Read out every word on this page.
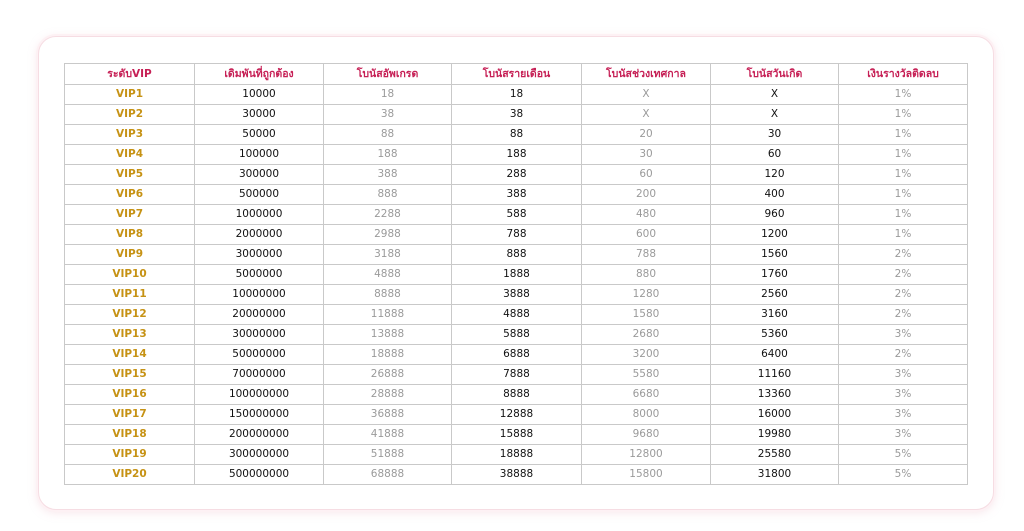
ระดับVIP	เดิมพันที่ถูกต้อง	โบนัสอัพเกรด	โบนัสรายเดือน	โบนัสช่วงเทศกาล	โบนัสวันเกิด	เงินรางวัลติดลบ
VIP1	10000	18	18	X	X	1%
VIP2	30000	38	38	X	X	1%
VIP3	50000	88	88	20	30	1%
VIP4	100000	188	188	30	60	1%
VIP5	300000	388	288	60	120	1%
VIP6	500000	888	388	200	400	1%
VIP7	1000000	2288	588	480	960	1%
VIP8	2000000	2988	788	600	1200	1%
VIP9	3000000	3188	888	788	1560	2%
VIP10	5000000	4888	1888	880	1760	2%
VIP11	10000000	8888	3888	1280	2560	2%
VIP12	20000000	11888	4888	1580	3160	2%
VIP13	30000000	13888	5888	2680	5360	3%
VIP14	50000000	18888	6888	3200	6400	2%
VIP15	70000000	26888	7888	5580	11160	3%
VIP16	100000000	28888	8888	6680	13360	3%
VIP17	150000000	36888	12888	8000	16000	3%
VIP18	200000000	41888	15888	9680	19980	3%
VIP19	300000000	51888	18888	12800	25580	5%
VIP20	500000000	68888	38888	15800	31800	5%
